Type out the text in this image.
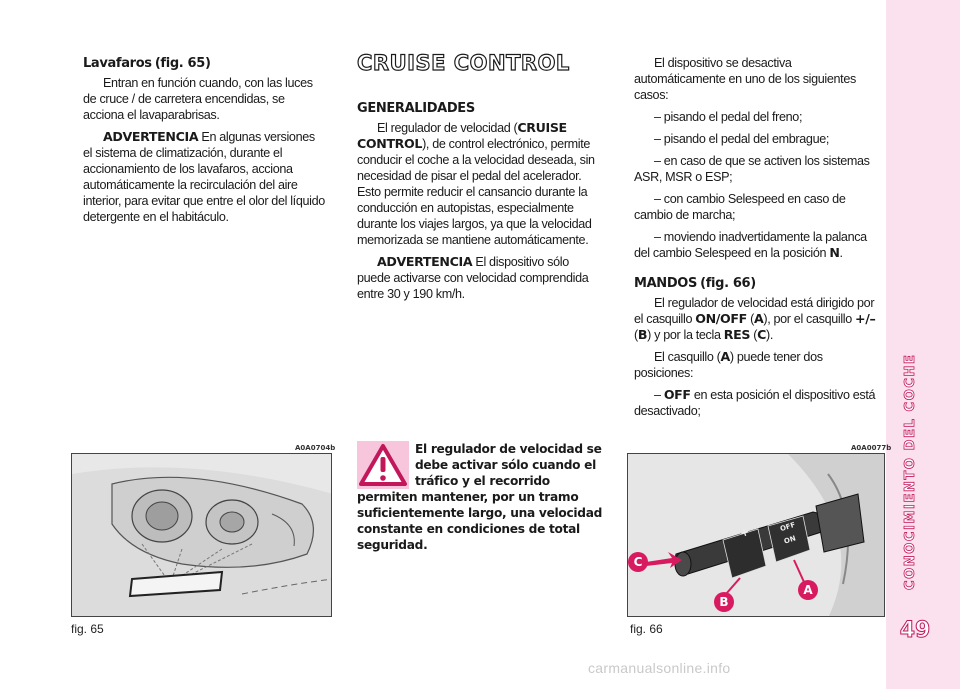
CONOCIMIENTO DEL COCHE
49

Lavafaros (fig. 65)

Entran en función cuando, con las luces de cruce / de carretera encendidas, se acciona el lavaparabrisas.

ADVERTENCIA En algunas versiones el sistema de climatización, durante el accionamiento de los lavafaros, acciona automáticamente la recirculación del aire interior, para evitar que entre el olor del líquido detergente en el habitáculo.

CRUISE CONTROL

GENERALIDADES

El regulador de velocidad (CRUISE CONTROL), de control electrónico, permite conducir el coche a la velocidad deseada, sin necesidad de pisar el pedal del acelerador. Esto permite reducir el cansancio durante la conducción en autopistas, especialmente durante los viajes largos, ya que la velocidad memorizada se mantiene automáticamente.

ADVERTENCIA El dispositivo sólo puede activarse con velocidad comprendida entre 30 y 190 km/h.

El dispositivo se desactiva automáticamente en uno de los siguientes casos:

– pisando el pedal del freno;

– pisando el pedal del embrague;

– en caso de que se activen los sistemas ASR, MSR o ESP;

– con cambio Selespeed en caso de cambio de marcha;

– moviendo inadvertidamente la palanca del cambio Selespeed en la posición N.

MANDOS (fig. 66)

El regulador de velocidad está dirigido por el casquillo ON/OFF (A), por el casquillo +/– (B) y por la tecla RES (C).

El casquillo (A) puede tener dos posiciones:

– OFF en esta posición el dispositivo está desactivado;

A0A0704b
fig. 65
El regulador de velocidad se debe activar sólo cuando el tráfico y el recorrido
permiten mantener, por un tramo suficientemente largo, una velocidad constante en condiciones de total seguridad.
A0A0077b
+	OFF
ON
C
B
A
fig. 66
carmanualsonline.info
